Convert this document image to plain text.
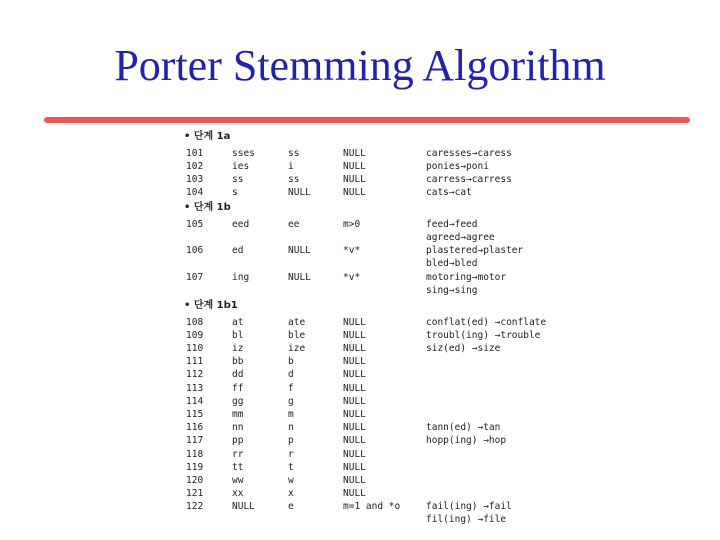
Porter Stemming Algorithm
• 단계 1a
101	sses	ss	NULL	caresses→caress
102	ies	i	NULL	ponies→poni
103	ss	ss	NULL	carress→carress
104	s	NULL	NULL	cats→cat
• 단계 1b
105	eed	ee	m>0	feed→feed
agreed→agree
106	ed	NULL	*v*	plastered→plaster
bled→bled
107	ing	NULL	*v*	motoring→motor
sing→sing
• 단계 1b1
108	at	ate	NULL	conflat(ed) →conflate
109	bl	ble	NULL	troubl(ing) →trouble
110	iz	ize	NULL	siz(ed) →size
111	bb	b	NULL
112	dd	d	NULL
113	ff	f	NULL
114	gg	g	NULL
115	mm	m	NULL
116	nn	n	NULL	tann(ed) →tan
117	pp	p	NULL	hopp(ing) →hop
118	rr	r	NULL
119	tt	t	NULL
120	ww	w	NULL
121	xx	x	NULL
122	NULL	e	m=1 and *o	fail(ing) →fail
fil(ing) →file
